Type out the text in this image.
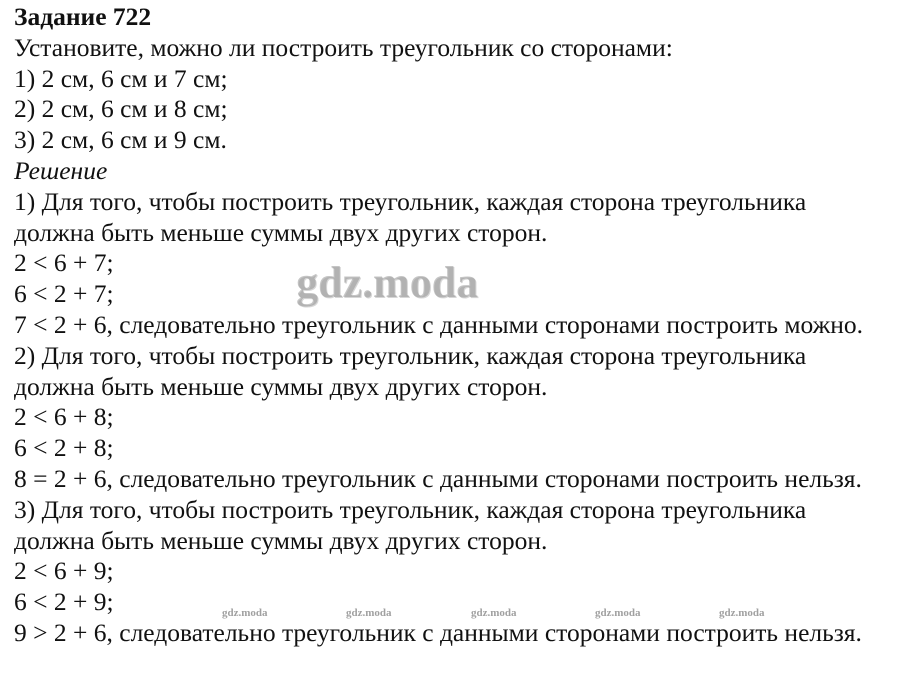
Задание 722
Установите, можно ли построить треугольник со сторонами:
1) 2 см, 6 см и 7 см;
2) 2 см, 6 см и 8 см;
3) 2 см, 6 см и 9 см.
Решение
1) Для того, чтобы построить треугольник, каждая сторона треугольника
должна быть меньше суммы двух других сторон.
2 < 6 + 7;
6 < 2 + 7;
7 < 2 + 6, следовательно треугольник с данными сторонами построить можно.
2) Для того, чтобы построить треугольник, каждая сторона треугольника
должна быть меньше суммы двух других сторон.
2 < 6 + 8;
6 < 2 + 8;
8 = 2 + 6, следовательно треугольник с данными сторонами построить нельзя.
3) Для того, чтобы построить треугольник, каждая сторона треугольника
должна быть меньше суммы двух других сторон.
2 < 6 + 9;
6 < 2 + 9;
9 > 2 + 6, следовательно треугольник с данными сторонами построить нельзя.
gdz.moda
gdz.moda	gdz.moda	gdz.moda	gdz.moda	gdz.moda
